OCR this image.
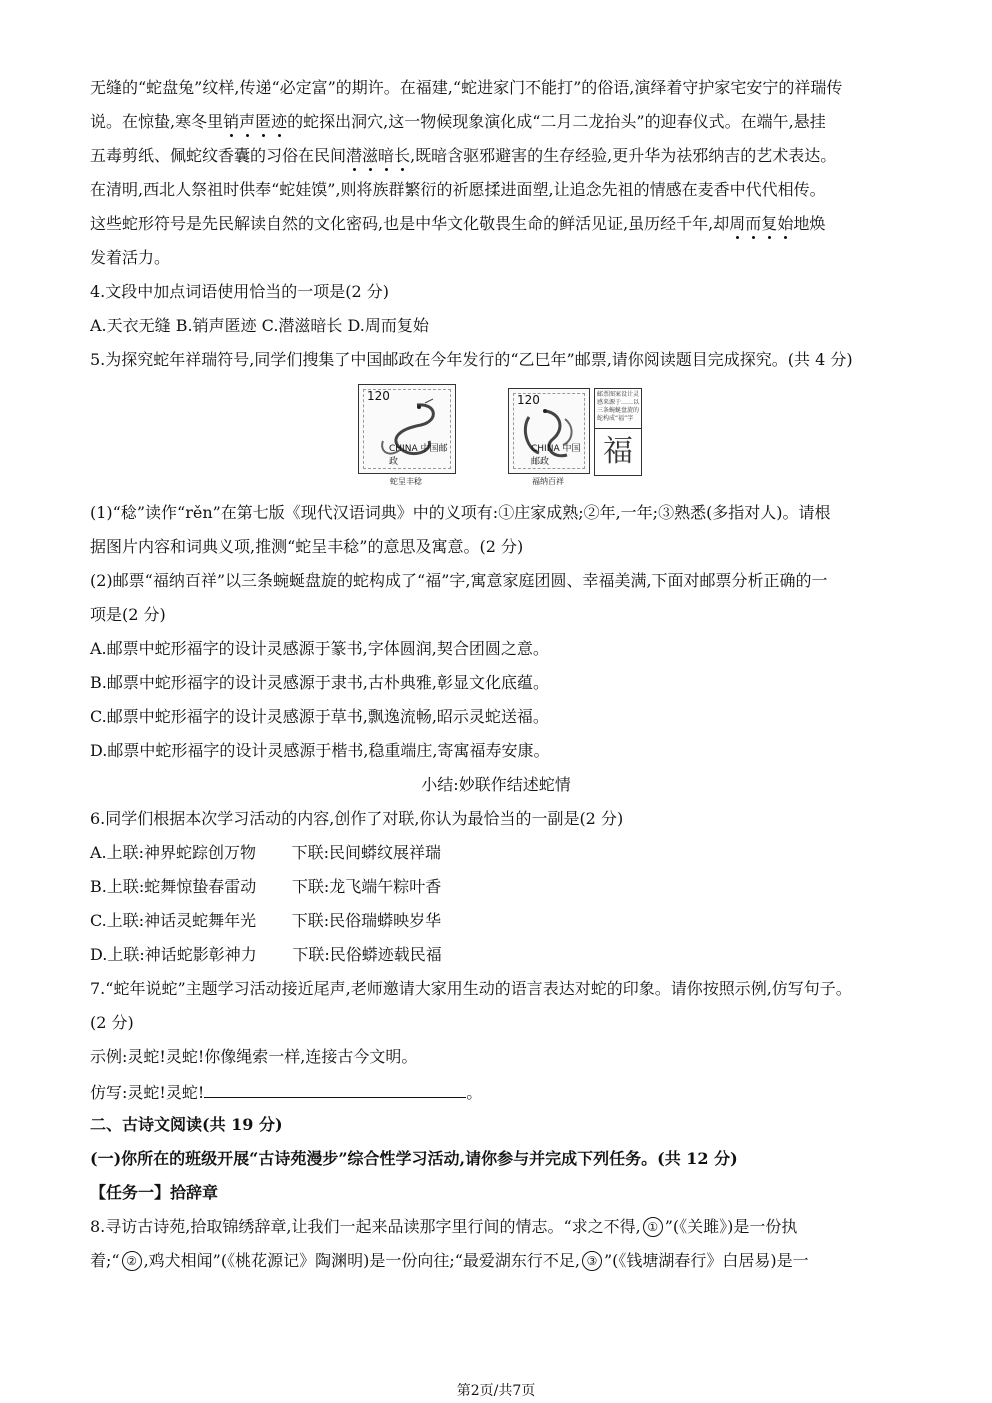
无缝的“蛇盘兔”纹样,传递“必定富”的期许。在福建,“蛇进家门不能打”的俗语,演绎着守护家宅安宁的祥瑞传
说。在惊蛰,寒冬里销声匿迹的蛇探出洞穴,这一物候现象演化成“二月二龙抬头”的迎春仪式。在端午,悬挂
五毒剪纸、佩蛇纹香囊的习俗在民间潜滋暗长,既暗含驱邪避害的生存经验,更升华为祛邪纳吉的艺术表达。
在清明,西北人祭祖时供奉“蛇娃馍”,则将族群繁衍的祈愿揉进面塑,让追念先祖的情感在麦香中代代相传。
这些蛇形符号是先民解读自然的文化密码,也是中华文化敬畏生命的鲜活见证,虽历经千年,却周而复始地焕
发着活力。
4.文段中加点词语使用恰当的一项是(2 分)
A.天衣无缝 B.销声匿迹 C.潜滋暗长 D.周而复始
5.为探究蛇年祥瑞符号,同学们搜集了中国邮政在今年发行的“乙巳年”邮票,请你阅读题目完成探究。(共 4 分)
120
CHINA 中国邮政
蛇呈丰稔
120
CHINA 中国邮政
邮票图案设计灵感来源于……以三条蜿蜒盘旋的蛇构成“福”字
福
福纳百祥
(1)“稔”读作“rěn”在第七版《现代汉语词典》中的义项有:①庄家成熟;②年,一年;③熟悉(多指对人)。请根
据图片内容和词典义项,推测“蛇呈丰稔”的意思及寓意。(2 分)
(2)邮票“福纳百祥”以三条蜿蜒盘旋的蛇构成了“福”字,寓意家庭团圆、幸福美满,下面对邮票分析正确的一
项是(2 分)
A.邮票中蛇形福字的设计灵感源于篆书,字体圆润,契合团圆之意。
B.邮票中蛇形福字的设计灵感源于隶书,古朴典雅,彰显文化底蕴。
C.邮票中蛇形福字的设计灵感源于草书,飘逸流畅,昭示灵蛇送福。
D.邮票中蛇形福字的设计灵感源于楷书,稳重端庄,寄寓福寿安康。
小结:妙联作结述蛇情
6.同学们根据本次学习活动的内容,创作了对联,你认为最恰当的一副是(2 分)
A.上联:神界蛇踪创万物       下联:民间蟒纹展祥瑞
B.上联:蛇舞惊蛰春雷动       下联:龙飞端午粽叶香
C.上联:神话灵蛇舞年光       下联:民俗瑞蟒映岁华
D.上联:神话蛇影彰神力       下联:民俗蟒迹载民福
7.“蛇年说蛇”主题学习活动接近尾声,老师邀请大家用生动的语言表达对蛇的印象。请你按照示例,仿写句子。
(2 分)
示例:灵蛇!灵蛇!你像绳索一样,连接古今文明。
仿写:灵蛇!灵蛇!	。
二、古诗文阅读(共 19 分)
(一)你所在的班级开展“古诗苑漫步”综合性学习活动,请你参与并完成下列任务。(共 12 分)
【任务一】拾辞章
8.寻访古诗苑,拾取锦绣辞章,让我们一起来品读那字里行间的情志。“求之不得, ① ”(《关雎》)是一份执
着;“ ② ,鸡犬相闻”(《桃花源记》陶渊明)是一份向往;“最爱湖东行不足, ③ ”(《钱塘湖春行》白居易)是一
第2页/共7页
